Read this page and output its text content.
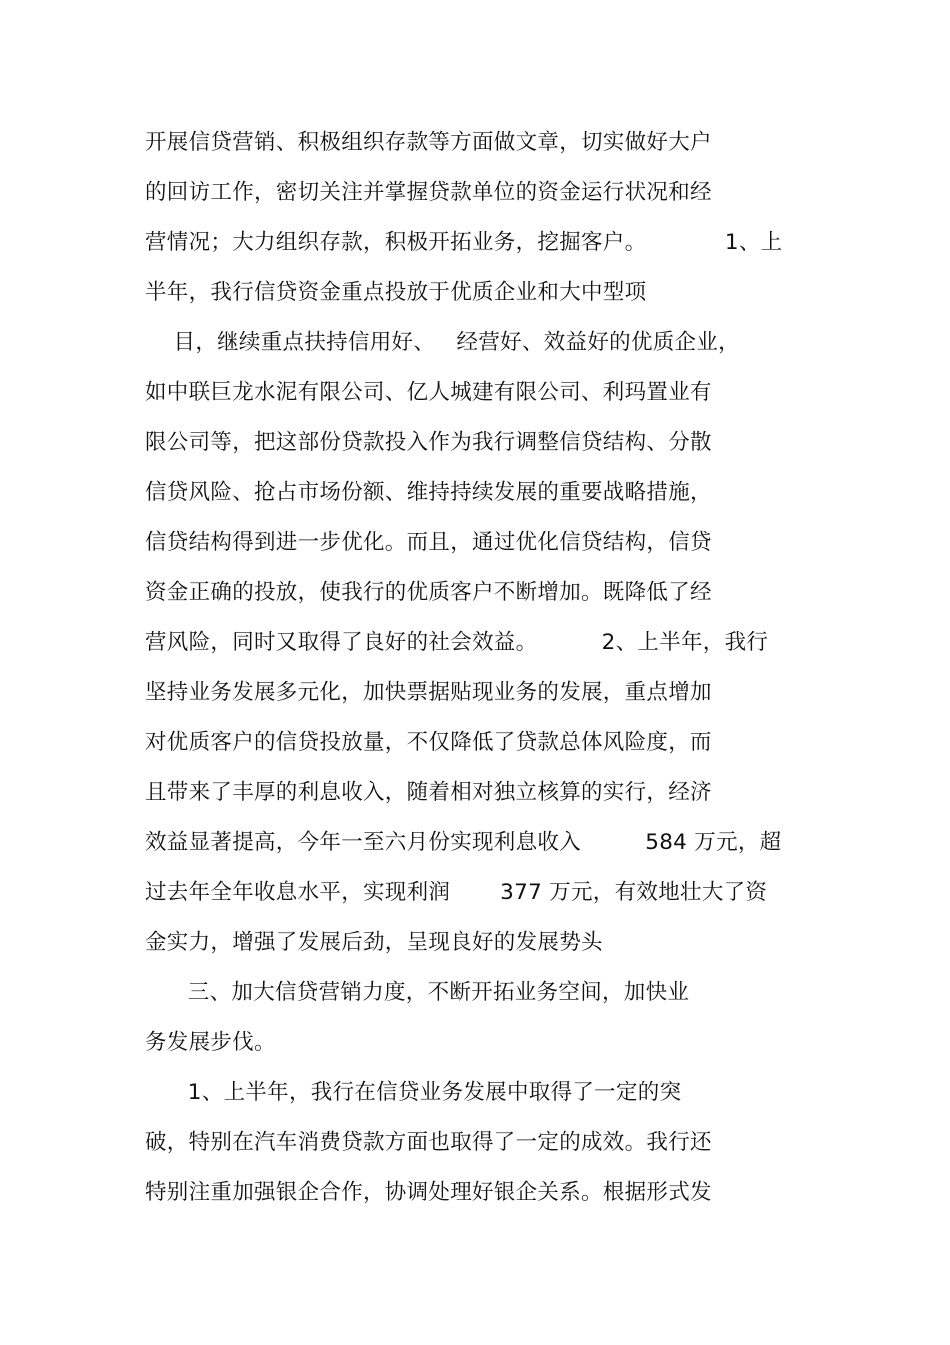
开展信贷营销、积极组织存款等方面做文章，切实做好大户
的回访工作，密切关注并掌握贷款单位的资金运行状况和经
营情况；大力组织存款，积极开拓业务，挖掘客户。           1、上
半年，我行信贷资金重点投放于优质企业和大中型项
目，继续重点扶持信用好、   经营好、效益好的优质企业，
如中联巨龙水泥有限公司、亿人城建有限公司、利玛置业有
限公司等，把这部份贷款投入作为我行调整信贷结构、分散
信贷风险、抢占市场份额、维持持续发展的重要战略措施，
信贷结构得到进一步优化。而且，通过优化信贷结构，信贷
资金正确的投放，使我行的优质客户不断增加。既降低了经
营风险，同时又取得了良好的社会效益。         2、上半年，我行
坚持业务发展多元化，加快票据贴现业务的发展，重点增加
对优质客户的信贷投放量，不仅降低了贷款总体风险度，而
且带来了丰厚的利息收入，随着相对独立核算的实行，经济
效益显著提高，今年一至六月份实现利息收入         584 万元，超
过去年全年收息水平，实现利润       377 万元，有效地壮大了资
金实力，增强了发展后劲，呈现良好的发展势头
三、加大信贷营销力度，不断开拓业务空间，加快业
务发展步伐。
1、上半年，我行在信贷业务发展中取得了一定的突
破，特别在汽车消费贷款方面也取得了一定的成效。我行还
特别注重加强银企合作，协调处理好银企关系。根据形式发
